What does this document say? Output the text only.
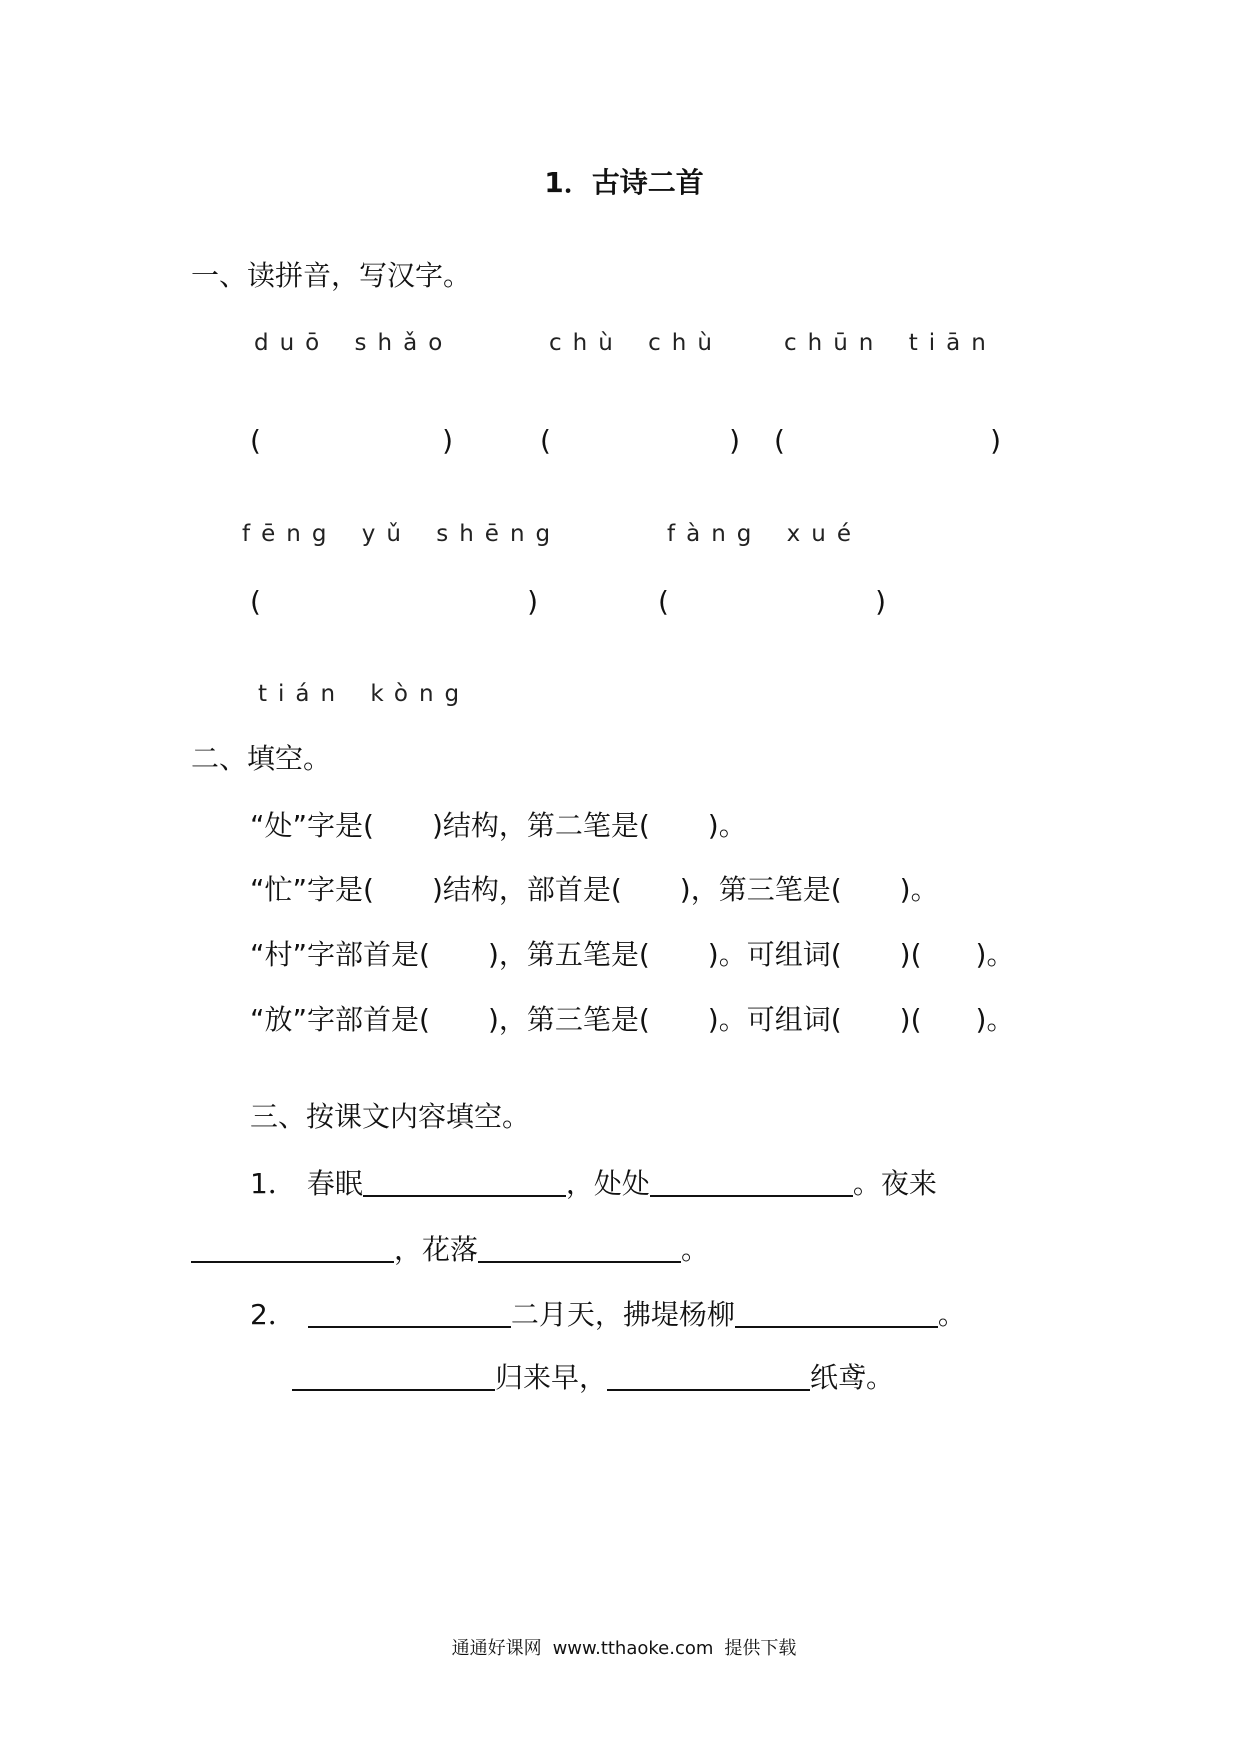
1．古诗二首
一、读拼音，写汉字。
duō shǎo	chù chù	chūn tiān
(	)	(	) (	)
fēng yǔ shēng	fàng xué
(	)	(	)
tián kòng
二、填空。
“处”字是( )结构，第二笔是( )。
“忙”字是( )结构，部首是( )，第三笔是( )。
“村”字部首是( )，第五笔是( )。可组词( )( )。
“放”字部首是( )，第三笔是( )。可组词( )( )。
三、按课文内容填空。
1． 春眠	，处处	。夜来
，花落	。
2．	二月天，拂堤杨柳	。
归来早，	纸鸢。
通通好课网 www.tthaoke.com 提供下载
